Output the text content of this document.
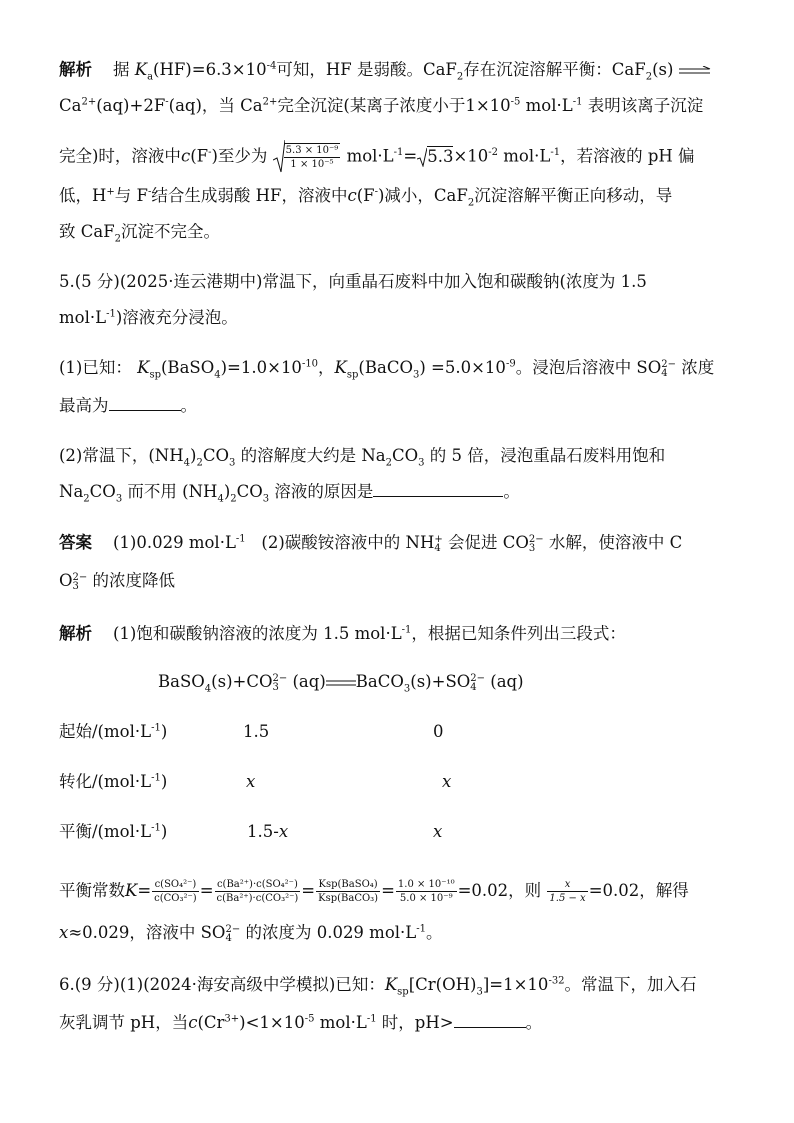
解析 据 $K_a(HF)=6.3\times 10^{-4}$可知，HF 是弱酸。CaF$_2$存在沉淀溶解平衡：CaF$_2$(s)
$Ca^{2+}(aq)+2F^-(aq)$，当 $Ca^{2+}$完全沉淀(某离子浓度小于$1\times 10^{-5}$ $mol\cdot L^{-1}$ 表明该离子沉淀
完全)时，溶液中c(F-)至少为 $\frac{\text{5.3 × 10⁻⁹}}{\text{1 × 10⁻⁵}} mol\cdot L^{-1}= 5.3\times 10^{-2}$ $mol\cdot L^{-1}$，若溶液的 pH 偏
低，H+与 F-结合生成弱酸 HF，溶液中c(F-)减小，CaF$_2$沉淀溶解平衡正向移动，导
致 CaF$_2$沉淀不完全。
5.(5 分)(2025·连云港期中)常温下，向重晶石废料中加入饱和碳酸钠(浓度为 1.5
$mol\cdot L^{-1}$)溶液充分浸泡。
(1)已知： $K_{sp}(BaSO_4)=1.0\times 10^{-10}$，$K_{sp}(BaCO_3) =5.0\times 10^{-9}$。浸泡后溶液中 SO 2−
4 浓度
最高为	。
(2)常温下，$(NH_4)_2CO_3$ 的溶解度大约是 $Na_2CO_3$ 的 5 倍，浸泡重晶石废料用饱和
$Na_2CO_3$ 而不用 $(NH_4)_2CO_3$ 溶液的原因是	。
答案 (1)0.029 $mol\cdot L^{-1}$ (2)碳酸铵溶液中的 NH +
4 会促进 CO 2−
3 水解，使溶液中 C
O 2−
3 的浓度降低
解析 (1)饱和碳酸钠溶液的浓度为 1.5 $mol\cdot L^{-1}$，根据已知条件列出三段式：
BaSO$_4$(s)+CO 2−
3 (aq) BaCO$_3$(s)+SO 2−
4 (aq)
起始$/(mol\cdot L^{-1})$	1.5	0
转化$/(mol\cdot L^{-1})$	x	x
平衡$/(mol\cdot L^{-1})$	1.5-x	x
平衡常数$K= \frac{\text{c(SO₄²⁻)}}{\text{c(CO₃²⁻)}} = \frac{\text{c(Ba²⁺)·c(SO₄²⁻)}}{\text{c(Ba²⁺)·c(CO₃²⁻)}} = \frac{\text{Ksp(BaSO₄)}}{\text{Ksp(BaCO₃)}} = \frac{\text{1.0 × 10⁻¹⁰}}{\text{5.0 × 10⁻⁹}} =0.02$，则 $\frac{x}{1.5 - x} =0.02$，解得
x≈0.029，溶液中 SO 2−
4 的浓度为 0.029 $mol\cdot L^{-1}$。
6.(9 分)(1)(2024·海安高级中学模拟)已知：$K_{sp}[Cr(OH)_3]=1\times 10^{-32}$。常温下，加入石
灰乳调节 pH，当$c(Cr^{3+})<1\times 10^{-5}$ $mol\cdot L^{-1}$ 时，pH>	。
